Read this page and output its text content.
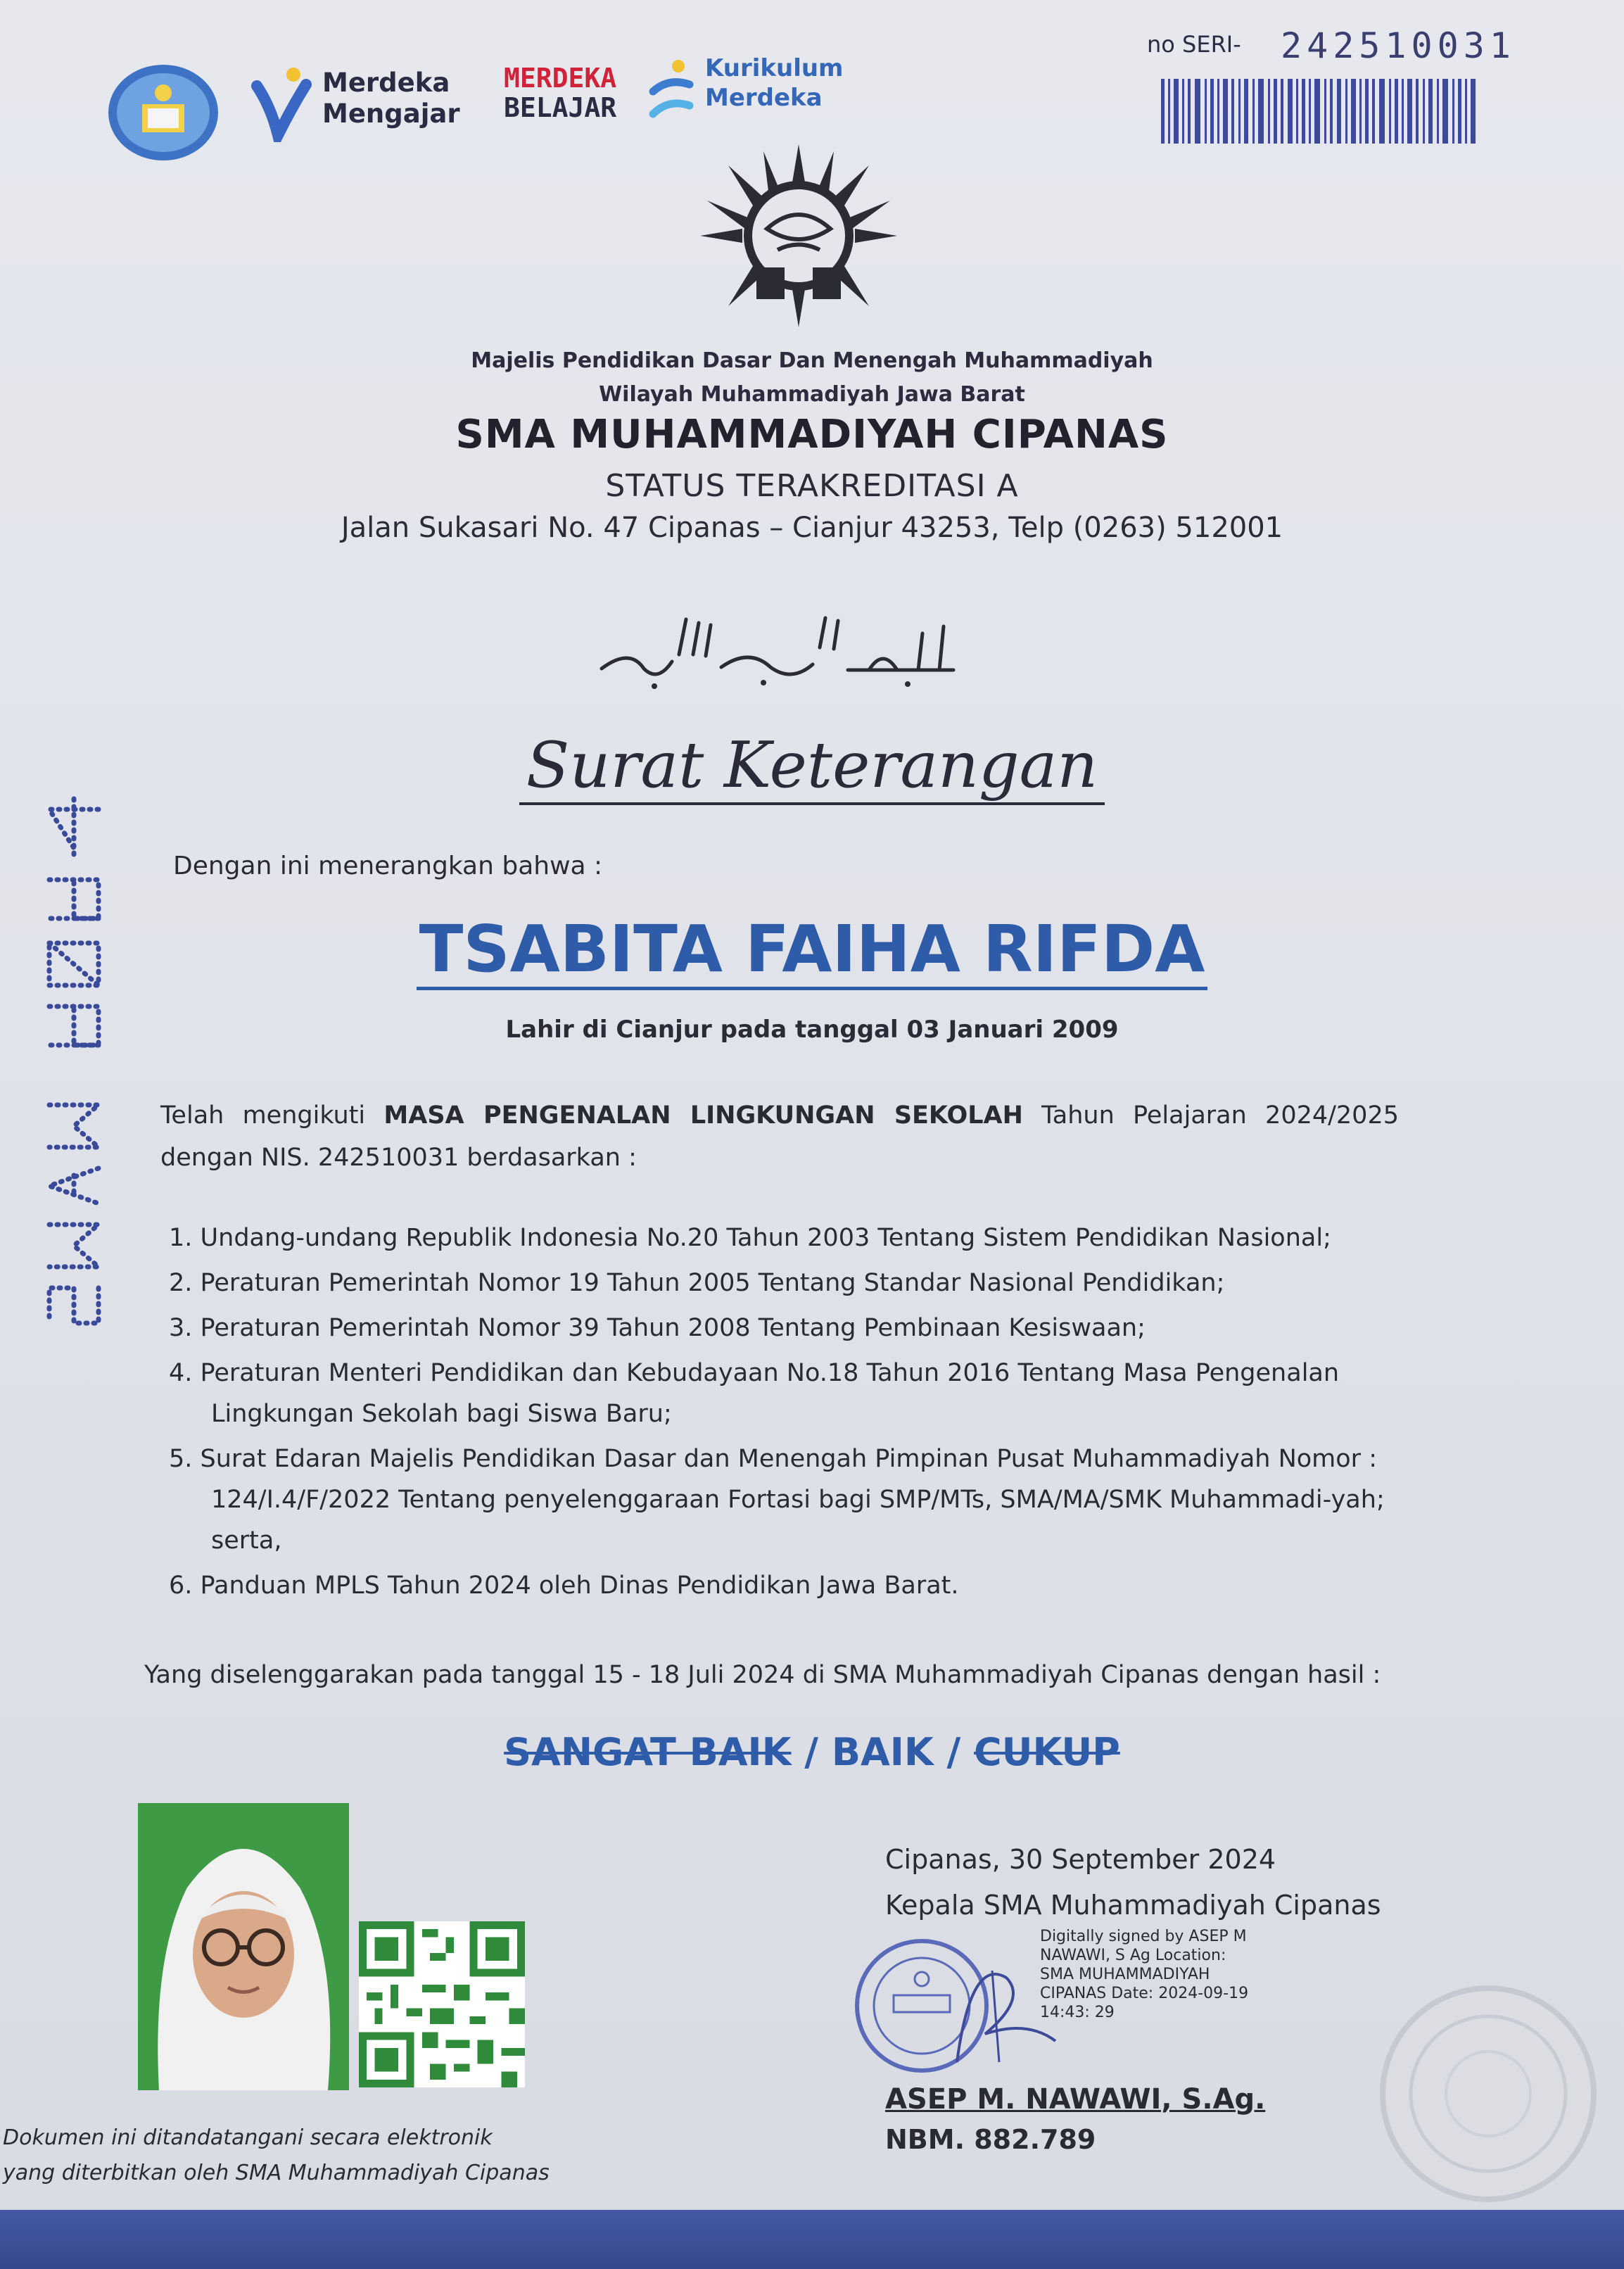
Merdeka
Mengajar
MERDEKA
BELAJAR
Kurikulum
Merdeka
no SERI- 242510031
Majelis Pendidikan Dasar Dan Menengah Muhammadiyah
Wilayah Muhammadiyah Jawa Barat
SMA MUHAMMADIYAH CIPANAS
STATUS TERAKREDITASI A
Jalan Sukasari No. 47 Cipanas – Cianjur 43253, Telp (0263) 512001
Surat Keterangan
Dengan ini menerangkan bahwa :
TSABITA FAIHA RIFDA
Lahir di Cianjur pada tanggal 03 Januari 2009
Telah mengikuti MASA PENGENALAN LINGKUNGAN SEKOLAH Tahun Pelajaran 2024/2025 dengan NIS. 242510031 berdasarkan :
1. Undang-undang Republik Indonesia No.20 Tahun 2003 Tentang Sistem Pendidikan Nasional;
2. Peraturan Pemerintah Nomor 19 Tahun 2005 Tentang Standar Nasional Pendidikan;
3. Peraturan Pemerintah Nomor 39 Tahun 2008 Tentang Pembinaan Kesiswaan;
4. Peraturan Menteri Pendidikan dan Kebudayaan No.18 Tahun 2016 Tentang Masa Pengenalan Lingkungan Sekolah bagi Siswa Baru;
5. Surat Edaran Majelis Pendidikan Dasar dan Menengah Pimpinan Pusat Muhammadiyah Nomor : 124/I.4/F/2022 Tentang penyelenggaraan Fortasi bagi SMP/MTs, SMA/MA/SMK Muhammadi-yah; serta,
6. Panduan MPLS Tahun 2024 oleh Dinas Pendidikan Jawa Barat.
Yang diselenggarakan pada tanggal 15 - 18 Juli 2024 di SMA Muhammadiyah Cipanas dengan hasil :
SANGAT BAIK / BAIK / CUKUP
Cipanas, 30 September 2024
Kepala SMA Muhammadiyah Cipanas
Digitally signed by ASEP M NAWAWI, S Ag Location: SMA MUHAMMADIYAH CIPANAS Date: 2024-09-19 14:43: 29
ASEP M. NAWAWI, S.Ag.
NBM. 882.789
Dokumen ini ditandatangani secara elektronik
yang diterbitkan oleh SMA Muhammadiyah Cipanas
